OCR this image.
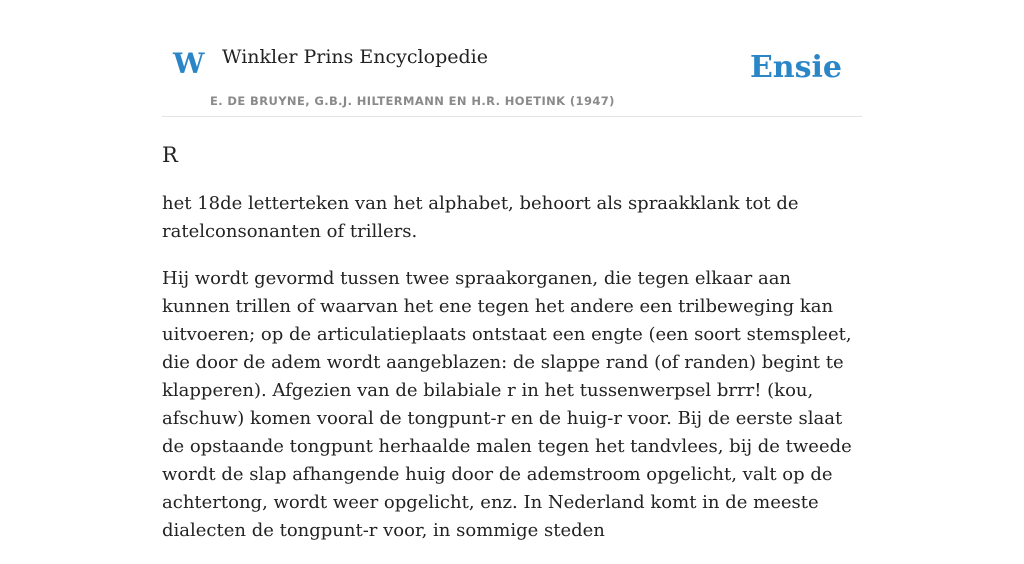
W Winkler Prins Encyclopedie
E. DE BRUYNE, G.B.J. HILTERMANN EN H.R. HOETINK (1947)
Ensie
R

het 18de letterteken van het alphabet, behoort als spraakklank tot de ratelconsonanten of trillers.

Hij wordt gevormd tussen twee spraakorganen, die tegen elkaar aan kunnen trillen of waarvan het ene tegen het andere een trilbeweging kan uitvoeren; op de articulatieplaats ontstaat een engte (een soort stemspleet, die door de adem wordt aangeblazen: de slappe rand (of randen) begint te klapperen). Afgezien van de bilabiale r in het tussenwerpsel brrr! (kou, afschuw) komen vooral de tongpunt-r en de huig-r voor. Bij de eerste slaat de opstaande tongpunt herhaalde malen tegen het tandvlees, bij de tweede wordt de slap afhangende huig door de ademstroom opgelicht, valt op de achtertong, wordt weer opgelicht, enz. In Nederland komt in de meeste dialecten de tongpunt-r voor, in sommige steden
